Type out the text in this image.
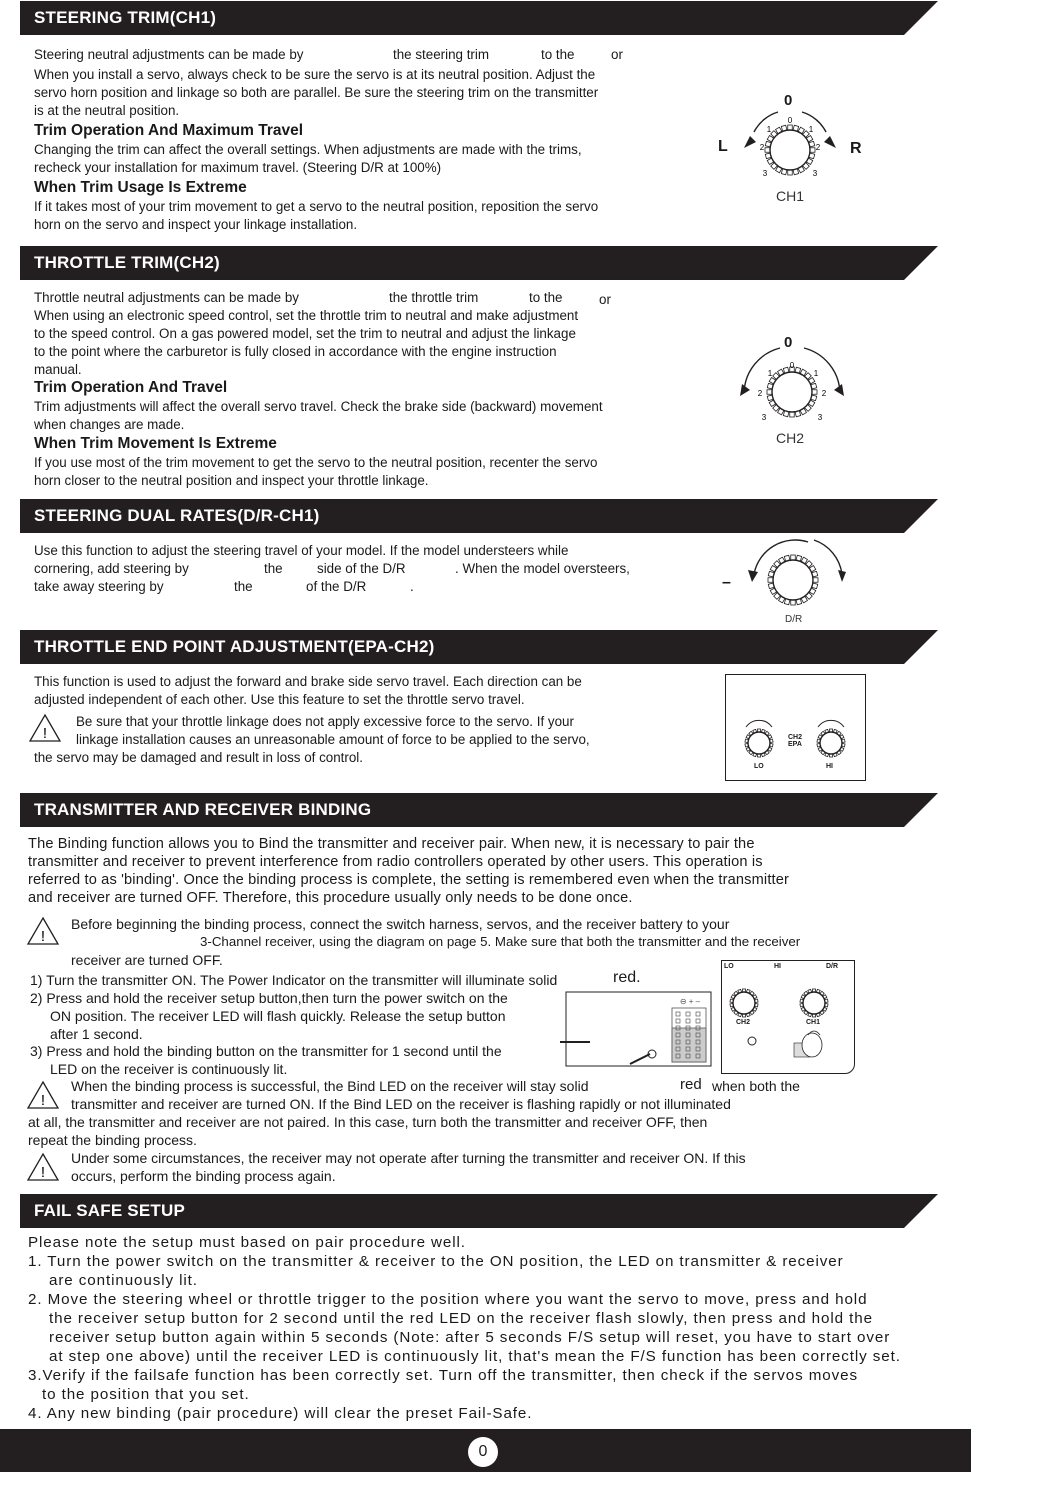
STEERING TRIM(CH1)
Steering neutral adjustments can be made by	the steering trim	to the	or
When you install a servo, always check to be sure the servo is at its neutral position. Adjust the
servo horn position and linkage so both are parallel. Be sure the steering trim on the transmitter
is at the neutral position.
Trim Operation And Maximum Travel
Changing the trim can affect the overall settings. When adjustments are made with the trims,
recheck your installation for maximum travel. (Steering D/R at 100%)
When Trim Usage Is Extreme
If it takes most of your trim movement to get a servo to the neutral position, reposition the servo
horn on the servo and inspect your linkage installation.
0
1	1
2	2
3	3
0
L	R
CH1
THROTTLE TRIM(CH2)
Throttle neutral adjustments can be made by	the throttle trim	to the	or
When using an electronic speed control, set the throttle trim to neutral and make adjustment
to the speed control. On a gas powered model, set the trim to neutral and adjust the linkage
to the point where the carburetor is fully closed in accordance with the engine instruction
manual.
Trim Operation And Travel
Trim adjustments will affect the overall servo travel. Check the brake side (backward) movement
when changes are made.
When Trim Movement Is Extreme
If you use most of the trim movement to get the servo to the neutral position, recenter the servo
horn closer to the neutral position and inspect your throttle linkage.
0
1	1
2	2
3	3
0
CH2
STEERING DUAL RATES(D/R-CH1)
Use this function to adjust the steering travel of your model. If the model understeers while
cornering, add steering by	the	side of the D/R	. When the model oversteers,
take away steering by	the	of the D/R	.	–
D/R
THROTTLE END POINT ADJUSTMENT(EPA-CH2)
This function is used to adjust the forward and brake side servo travel. Each direction can be
adjusted independent of each other. Use this feature to set the throttle servo travel.
!
Be sure that your throttle linkage does not apply excessive force to the servo. If your
linkage installation causes an unreasonable amount of force to be applied to the servo,
the servo may be damaged and result in loss of control.
CH2
EPA
LO	HI
TRANSMITTER AND RECEIVER BINDING
The Binding function allows you to Bind the transmitter and receiver pair. When new, it is necessary to pair the
transmitter and receiver to prevent interference from radio controllers operated by other users. This operation is
referred to as 'binding'. Once the binding process is complete, the setting is remembered even when the transmitter
and receiver are turned OFF. Therefore, this procedure usually only needs to be done once.
!
Before beginning the binding process, connect the switch harness, servos, and the receiver battery to your
3-Channel receiver, using the diagram on page 5. Make sure that both the transmitter and the receiver
receiver are turned OFF.
1) Turn the transmitter ON. The Power Indicator on the transmitter will illuminate solid	red.
2) Press and hold the receiver setup button,then turn the power switch on the
ON position. The receiver LED will flash quickly. Release the setup button
after 1 second.
3) Press and hold the binding button on the transmitter for 1 second until the
LED on the receiver is continuously lit.
⊖ + –
LO	HI	D/R
CH2	CH1
!
When the binding process is successful, the Bind LED on the receiver will stay solid	red when both the
transmitter and receiver are turned ON. If the Bind LED on the receiver is flashing rapidly or not illuminated
at all, the transmitter and receiver are not paired. In this case, turn both the transmitter and receiver OFF, then
repeat the binding process.
!
Under some circumstances, the receiver may not operate after turning the transmitter and receiver ON. If this
occurs, perform the binding process again.
FAIL SAFE SETUP
Please note the setup must based on pair procedure well.
1. Turn the power switch on the transmitter & receiver to the ON position, the LED on transmitter & receiver
are continuously lit.
2. Move the steering wheel or throttle trigger to the position where you want the servo to move, press and hold
the receiver setup button for 2 second until the red LED on the receiver flash slowly, then press and hold the
receiver setup button again within 5 seconds (Note: after 5 seconds F/S setup will reset, you have to start over
at step one above) until the receiver LED is continuously lit, that's mean the F/S function has been correctly set.
3.Verify if the failsafe function has been correctly set. Turn off the transmitter, then check if the servos moves
to the position that you set.
4. Any new binding (pair procedure) will clear the preset Fail-Safe.
0
